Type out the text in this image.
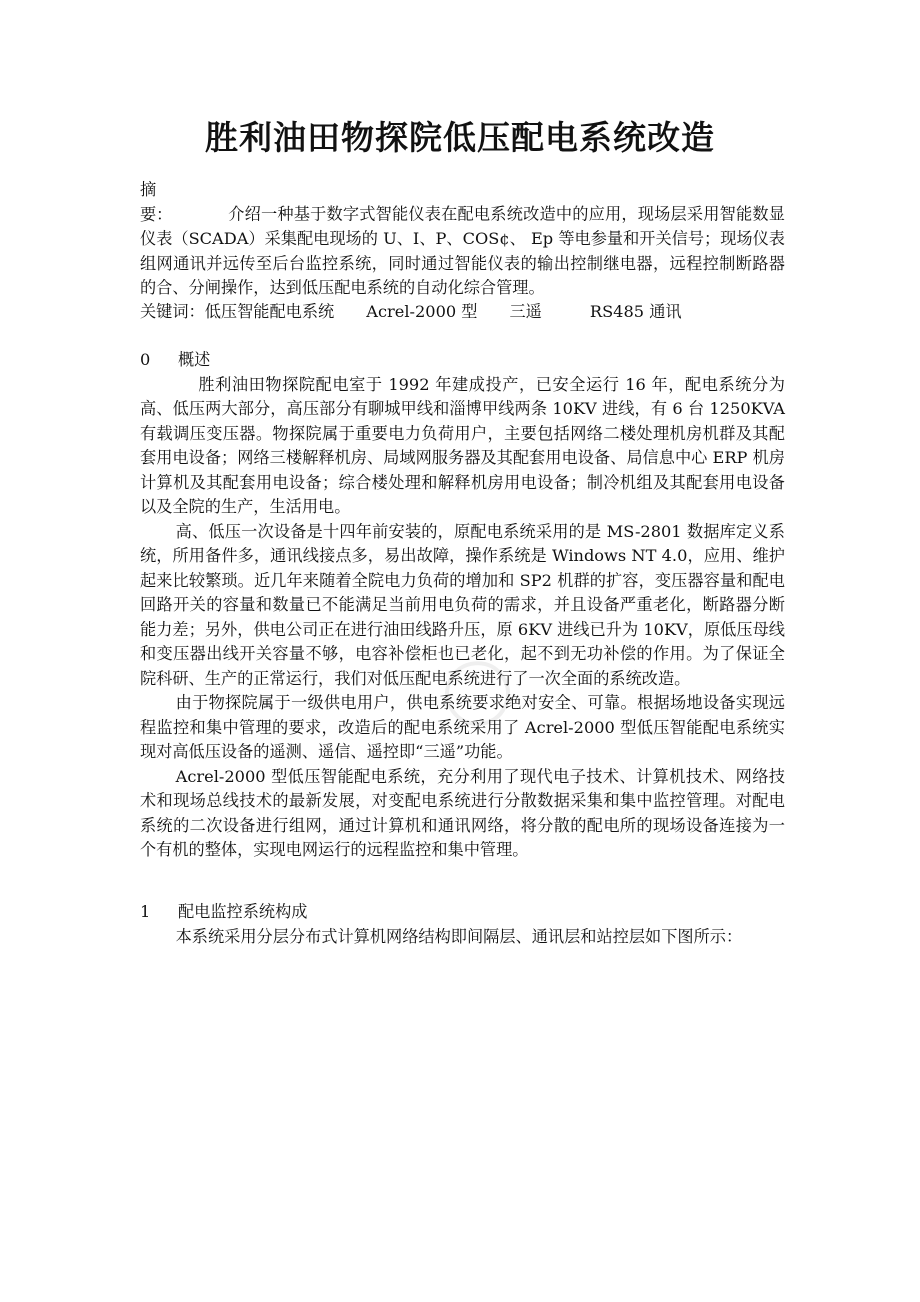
◯
胜利油田物探院低压配电系统改造
摘要：	介绍一种基于数字式智能仪表在配电系统改造中的应用，现场层采用智能数显仪表（SCADA）采集配电现场的 U、I、P、COS¢、 Ep 等电参量和开关信号；现场仪表组网通讯并远传至后台监控系统，同时通过智能仪表的输出控制继电器，远程控制断路器的合、分闸操作，达到低压配电系统的自动化综合管理。
关键词：低压智能配电系统 Acrel-2000 型 三遥	RS485 通讯
0 概述

胜利油田物探院配电室于 1992 年建成投产，已安全运行 16 年，配电系统分为高、低压两大部分，高压部分有聊城甲线和淄博甲线两条 10KV 进线，有 6 台 1250KVA 有载调压变压器。物探院属于重要电力负荷用户，主要包括网络二楼处理机房机群及其配套用电设备；网络三楼解释机房、局域网服务器及其配套用电设备、局信息中心 ERP 机房计算机及其配套用电设备；综合楼处理和解释机房用电设备；制冷机组及其配套用电设备以及全院的生产，生活用电。

高、低压一次设备是十四年前安装的，原配电系统采用的是 MS-2801 数据库定义系统，所用备件多，通讯线接点多，易出故障，操作系统是 Windows NT 4.0，应用、维护起来比较繁琐。近几年来随着全院电力负荷的增加和 SP2 机群的扩容，变压器容量和配电回路开关的容量和数量已不能满足当前用电负荷的需求，并且设备严重老化，断路器分断能力差；另外，供电公司正在进行油田线路升压，原 6KV 进线已升为 10KV，原低压母线和变压器出线开关容量不够，电容补偿柜也已老化，起不到无功补偿的作用。为了保证全院科研、生产的正常运行，我们对低压配电系统进行了一次全面的系统改造。

由于物探院属于一级供电用户，供电系统要求绝对安全、可靠。根据场地设备实现远程监控和集中管理的要求，改造后的配电系统采用了 Acrel-2000 型低压智能配电系统实现对高低压设备的遥测、遥信、遥控即“三遥”功能。

Acrel-2000 型低压智能配电系统，充分利用了现代电子技术、计算机技术、网络技术和现场总线技术的最新发展，对变配电系统进行分散数据采集和集中监控管理。对配电系统的二次设备进行组网，通过计算机和通讯网络，将分散的配电所的现场设备连接为一个有机的整体，实现电网运行的远程监控和集中管理。

1 配电监控系统构成

本系统采用分层分布式计算机网络结构即间隔层、通讯层和站控层如下图所示：
